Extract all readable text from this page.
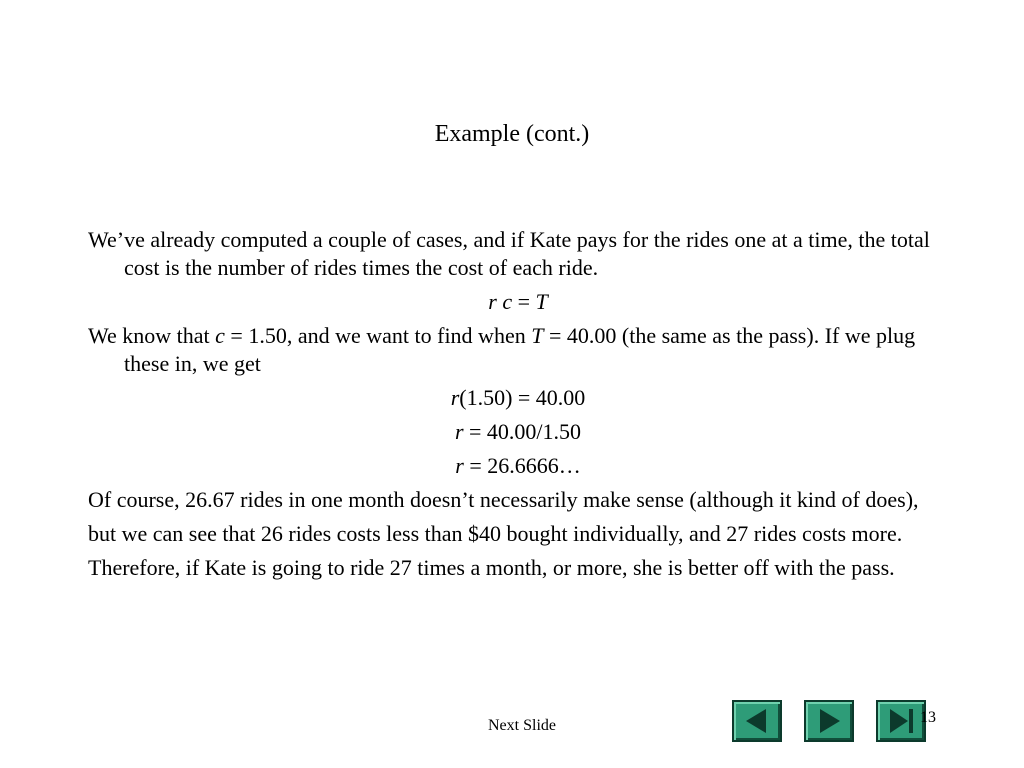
Example (cont.)

We’ve already computed a couple of cases, and if Kate pays for the rides one at a time, the total cost is the number of rides times the cost of each ride.

r c = T

We know that c = 1.50, and we want to find when T = 40.00 (the same as the pass). If we plug these in, we get

r(1.50) = 40.00

r = 40.00/1.50

r = 26.6666…

Of course, 26.67 rides in one month doesn’t necessarily make sense (although it kind of does),

but we can see that 26 rides costs less than $40 bought individually, and 27 rides costs more.

Therefore, if Kate is going to ride 27 times a month, or more, she is better off with the pass.

Next Slide	13
